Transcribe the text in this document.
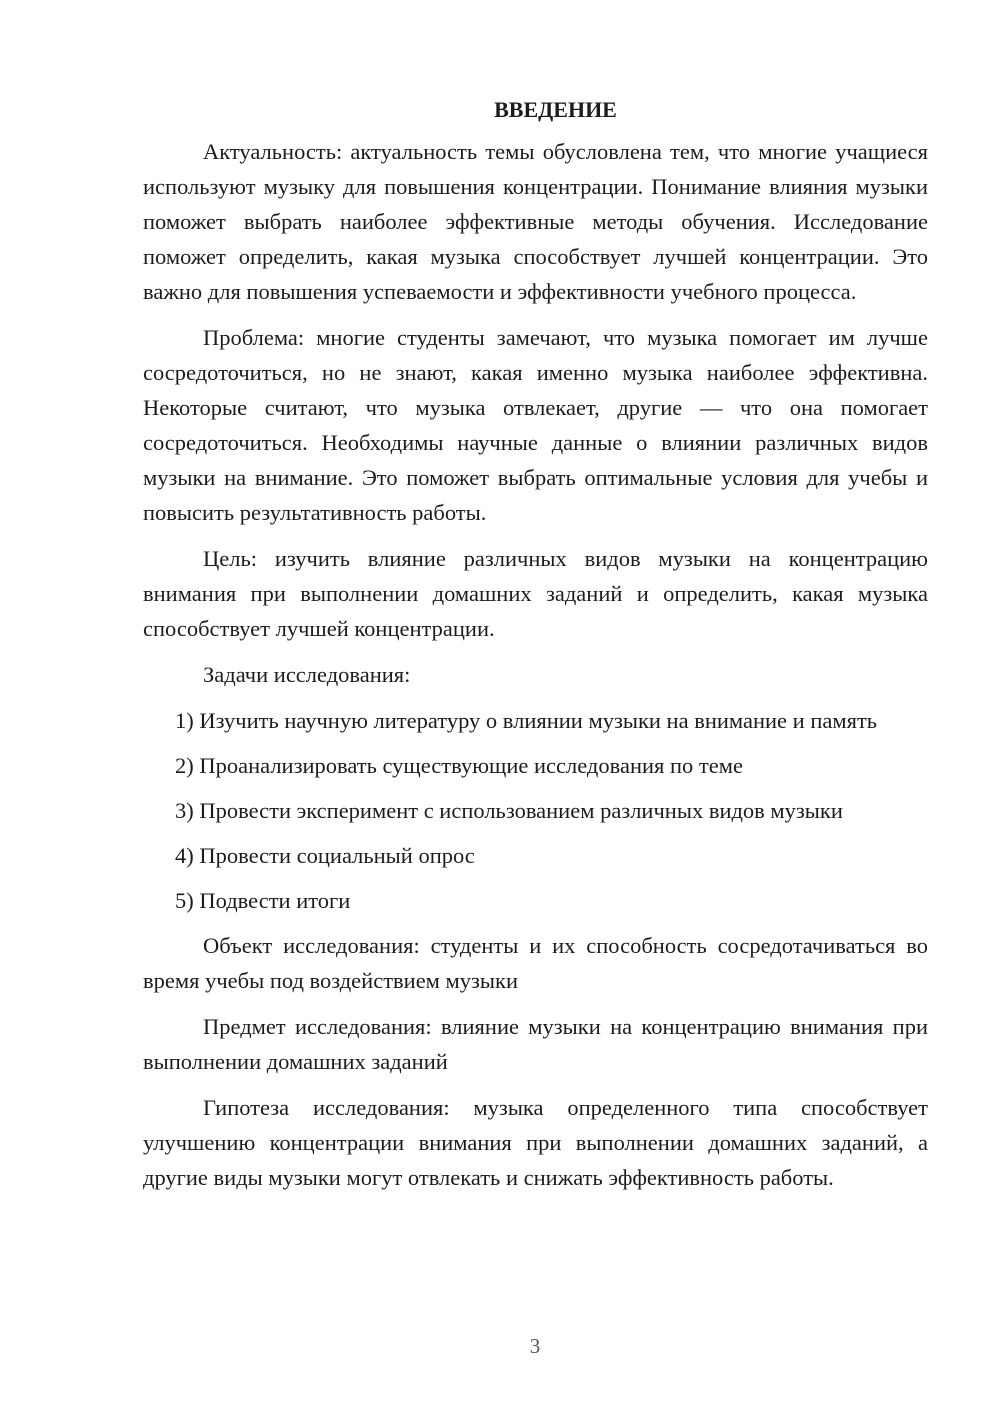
ВВЕДЕНИЕ

Актуальность: актуальность темы обусловлена тем, что многие учащиеся используют музыку для повышения концентрации. Понимание влияния музыки поможет выбрать наиболее эффективные методы обучения. Исследование поможет определить, какая музыка способствует лучшей концентрации. Это важно для повышения успеваемости и эффективности учебного процесса.

Проблема: многие студенты замечают, что музыка помогает им лучше сосредоточиться, но не знают, какая именно музыка наиболее эффективна. Некоторые считают, что музыка отвлекает, другие — что она помогает сосредоточиться. Необходимы научные данные о влиянии различных видов музыки на внимание. Это поможет выбрать оптимальные условия для учебы и повысить результативность работы.

Цель: изучить влияние различных видов музыки на концентрацию внимания при выполнении домашних заданий и определить, какая музыка способствует лучшей концентрации.

Задачи исследования:

1) Изучить научную литературу о влиянии музыки на внимание и память

2) Проанализировать существующие исследования по теме

3) Провести эксперимент с использованием различных видов музыки

4) Провести социальный опрос

5) Подвести итоги

Объект исследования: студенты и их способность сосредотачиваться во время учебы под воздействием музыки

Предмет исследования: влияние музыки на концентрацию внимания при выполнении домашних заданий

Гипотеза исследования: музыка определенного типа способствует улучшению концентрации внимания при выполнении домашних заданий, а другие виды музыки могут отвлекать и снижать эффективность работы.

3
